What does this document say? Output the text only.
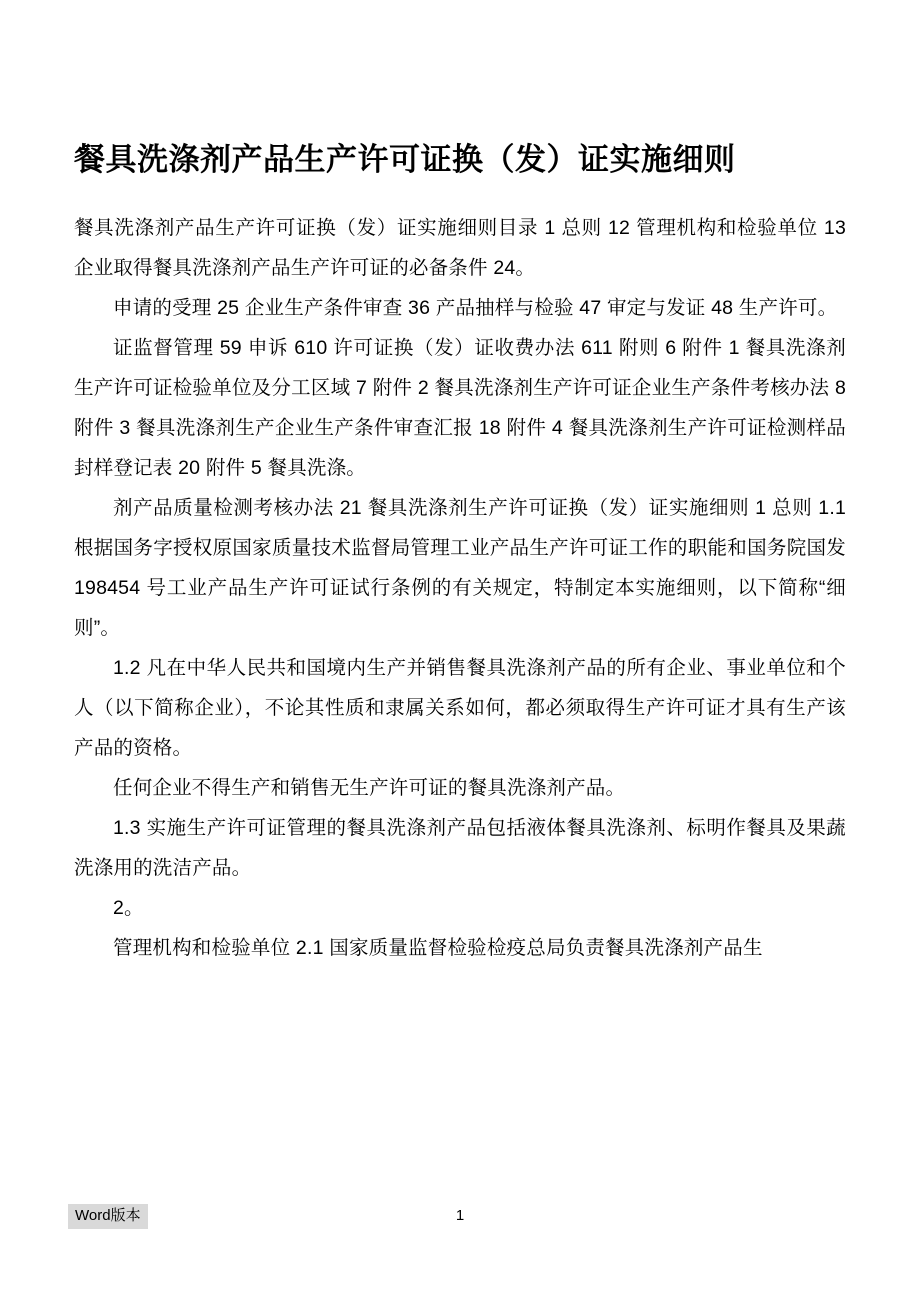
餐具洗涤剂产品生产许可证换（发）证实施细则

餐具洗涤剂产品生产许可证换（发）证实施细则目录 1 总则 12 管理机构和检验单位 13 企业取得餐具洗涤剂产品生产许可证的必备条件 24。

申请的受理 25 企业生产条件审查 36 产品抽样与检验 47 审定与发证 48 生产许可。

证监督管理 59 申诉 610 许可证换（发）证收费办法 611 附则 6 附件 1 餐具洗涤剂生产许可证检验单位及分工区域 7 附件 2 餐具洗涤剂生产许可证企业生产条件考核办法 8 附件 3 餐具洗涤剂生产企业生产条件审查汇报 18 附件 4 餐具洗涤剂生产许可证检测样品封样登记表 20 附件 5 餐具洗涤。

剂产品质量检测考核办法 21 餐具洗涤剂生产许可证换（发）证实施细则 1 总则 1.1 根据国务字授权原国家质量技术监督局管理工业产品生产许可证工作的职能和国务院国发 198454 号工业产品生产许可证试行条例的有关规定，特制定本实施细则，以下简称“细则”。

1.2 凡在中华人民共和国境内生产并销售餐具洗涤剂产品的所有企业、事业单位和个人（以下简称企业），不论其性质和隶属关系如何，都必须取得生产许可证才具有生产该产品的资格。

任何企业不得生产和销售无生产许可证的餐具洗涤剂产品。

1.3 实施生产许可证管理的餐具洗涤剂产品包括液体餐具洗涤剂、标明作餐具及果蔬洗涤用的洗洁产品。

2。

管理机构和检验单位 2.1 国家质量监督检验检疫总局负责餐具洗涤剂产品生

Word版本	1
